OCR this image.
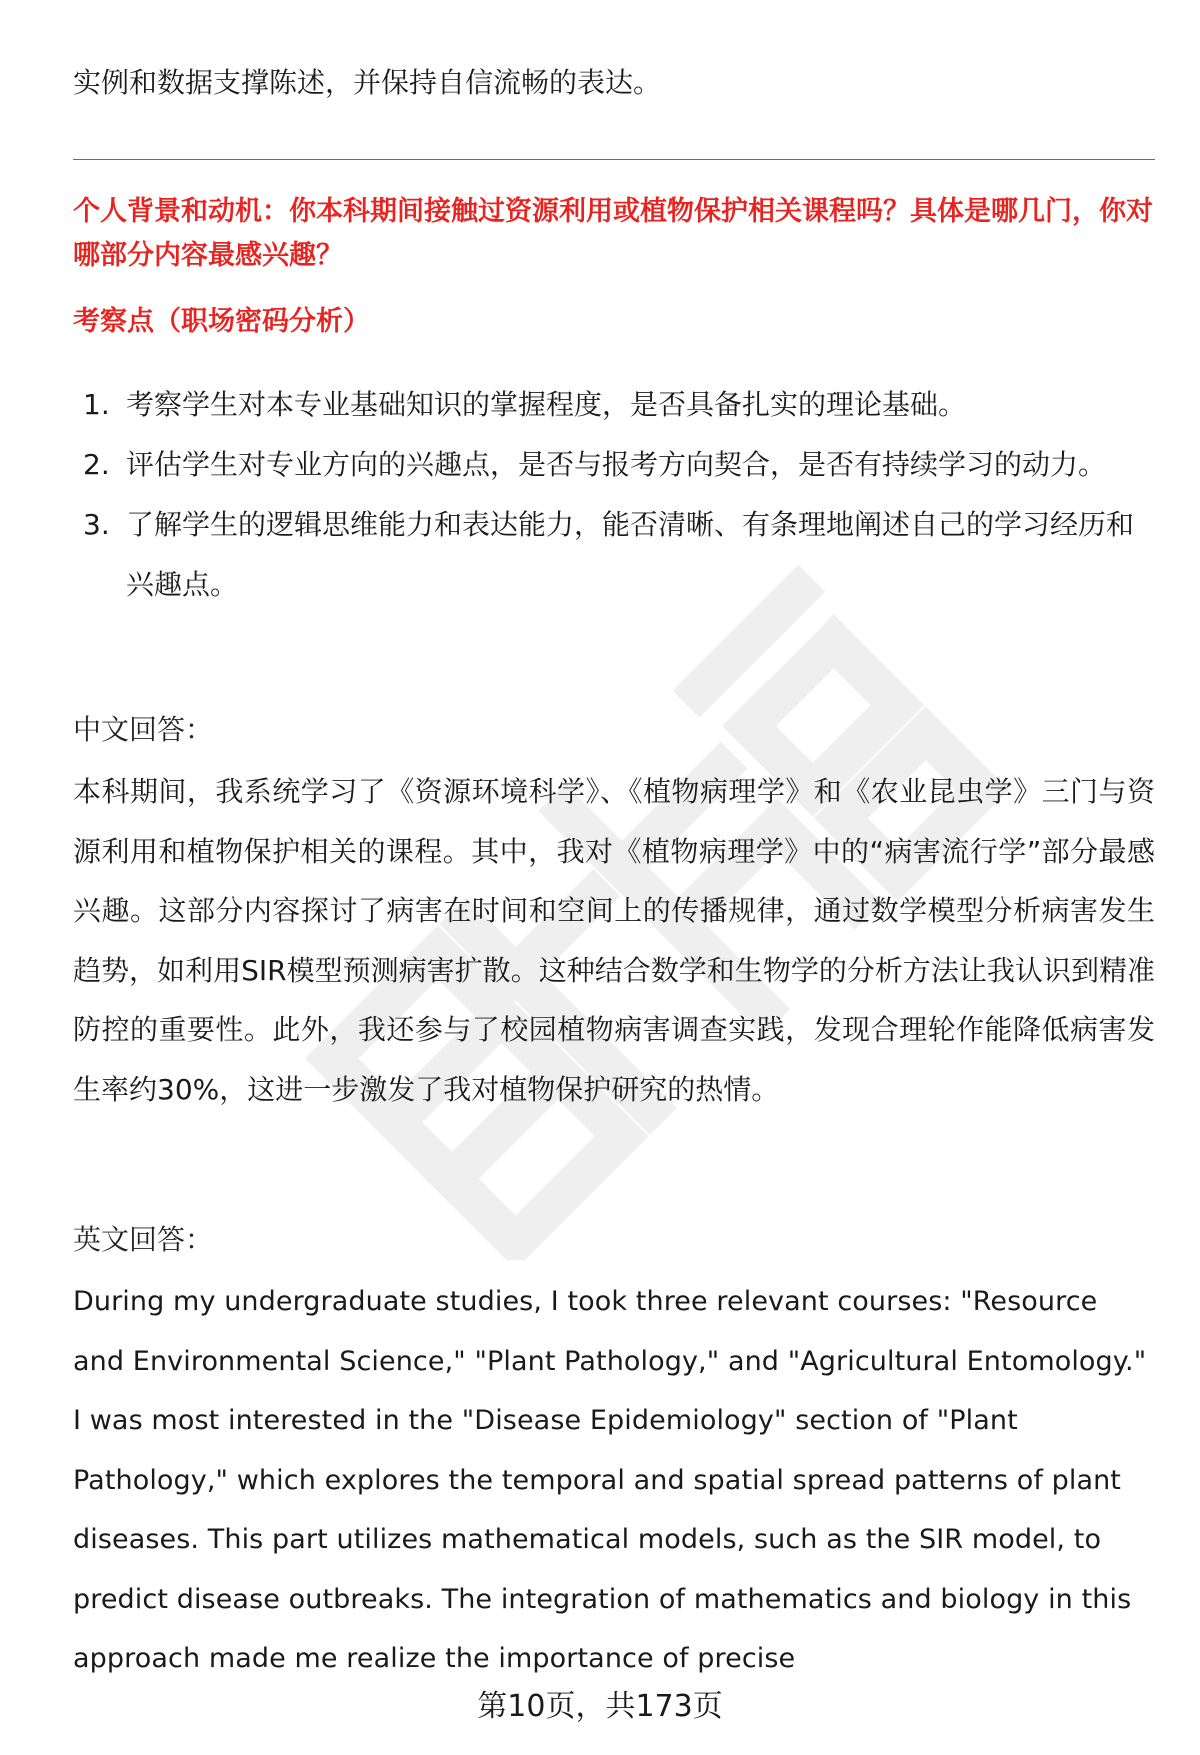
实例和数据支撑陈述，并保持自信流畅的表达。
个人背景和动机：你本科期间接触过资源利用或植物保护相关课程吗？具体是哪几门，你对哪部分内容最感兴趣？
考察点（职场密码分析）
1. 考察学生对本专业基础知识的掌握程度，是否具备扎实的理论基础。
2. 评估学生对专业方向的兴趣点，是否与报考方向契合，是否有持续学习的动力。
3. 了解学生的逻辑思维能力和表达能力，能否清晰、有条理地阐述自己的学习经历和兴趣点。
中文回答：
本科期间，我系统学习了《资源环境科学》、《植物病理学》和《农业昆虫学》三门与资源利用和植物保护相关的课程。其中，我对《植物病理学》中的“病害流行学”部分最感兴趣。这部分内容探讨了病害在时间和空间上的传播规律，通过数学模型分析病害发生趋势，如利用SIR模型预测病害扩散。这种结合数学和生物学的分析方法让我认识到精准防控的重要性。此外，我还参与了校园植物病害调查实践，发现合理轮作能降低病害发生率约30%，这进一步激发了我对植物保护研究的热情。
英文回答：
During my undergraduate studies, I took three relevant courses: "Resource and Environmental Science," "Plant Pathology," and "Agricultural Entomology." I was most interested in the "Disease Epidemiology" section of "Plant Pathology," which explores the temporal and spatial spread patterns of plant diseases. This part utilizes mathematical models, such as the SIR model, to predict disease outbreaks. The integration of mathematics and biology in this approach made me realize the importance of precise
第10页，共173页
